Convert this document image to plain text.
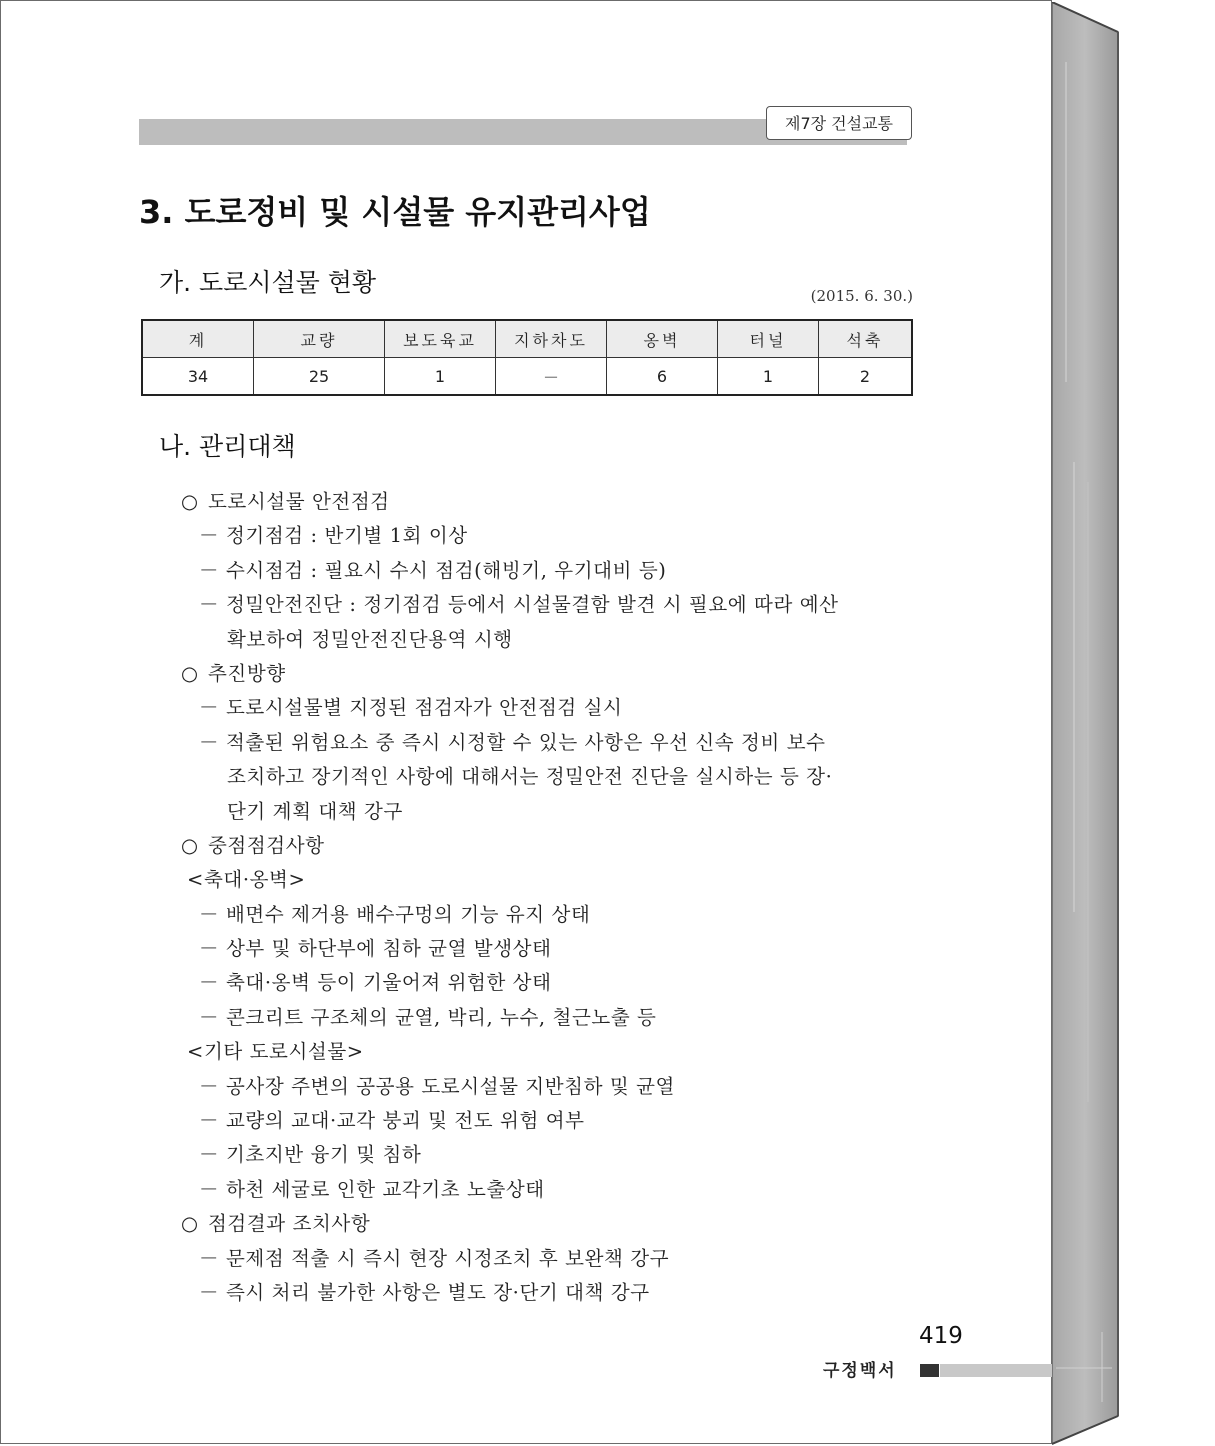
제7장 건설교통
3. 도로정비 및 시설물 유지관리사업
가. 도로시설물 현황	(2015. 6. 30.)
계	교량	보도육교	지하차도	옹벽	터널	석축
34	25	1	－	6	1	2
나. 관리대책
○ 도로시설물 안전점검
－ 정기점검 : 반기별 1회 이상
－ 수시점검 : 필요시 수시 점검(해빙기, 우기대비 등)
－ 정밀안전진단 : 정기점검 등에서 시설물결함 발견 시 필요에 따라 예산
확보하여 정밀안전진단용역 시행
○ 추진방향
－ 도로시설물별 지정된 점검자가 안전점검 실시
－ 적출된 위험요소 중 즉시 시정할 수 있는 사항은 우선 신속 정비 보수
조치하고 장기적인 사항에 대해서는 정밀안전 진단을 실시하는 등 장·
단기 계획 대책 강구
○ 중점점검사항
<축대·옹벽>
－ 배면수 제거용 배수구멍의 기능 유지 상태
－ 상부 및 하단부에 침하 균열 발생상태
－ 축대·옹벽 등이 기울어져 위험한 상태
－ 콘크리트 구조체의 균열, 박리, 누수, 철근노출 등
<기타 도로시설물>
－ 공사장 주변의 공공용 도로시설물 지반침하 및 균열
－ 교량의 교대·교각 붕괴 및 전도 위험 여부
－ 기초지반 융기 및 침하
－ 하천 세굴로 인한 교각기초 노출상태
○ 점검결과 조치사항
－ 문제점 적출 시 즉시 현장 시정조치 후 보완책 강구
－ 즉시 처리 불가한 사항은 별도 장·단기 대책 강구
419
구정백서
